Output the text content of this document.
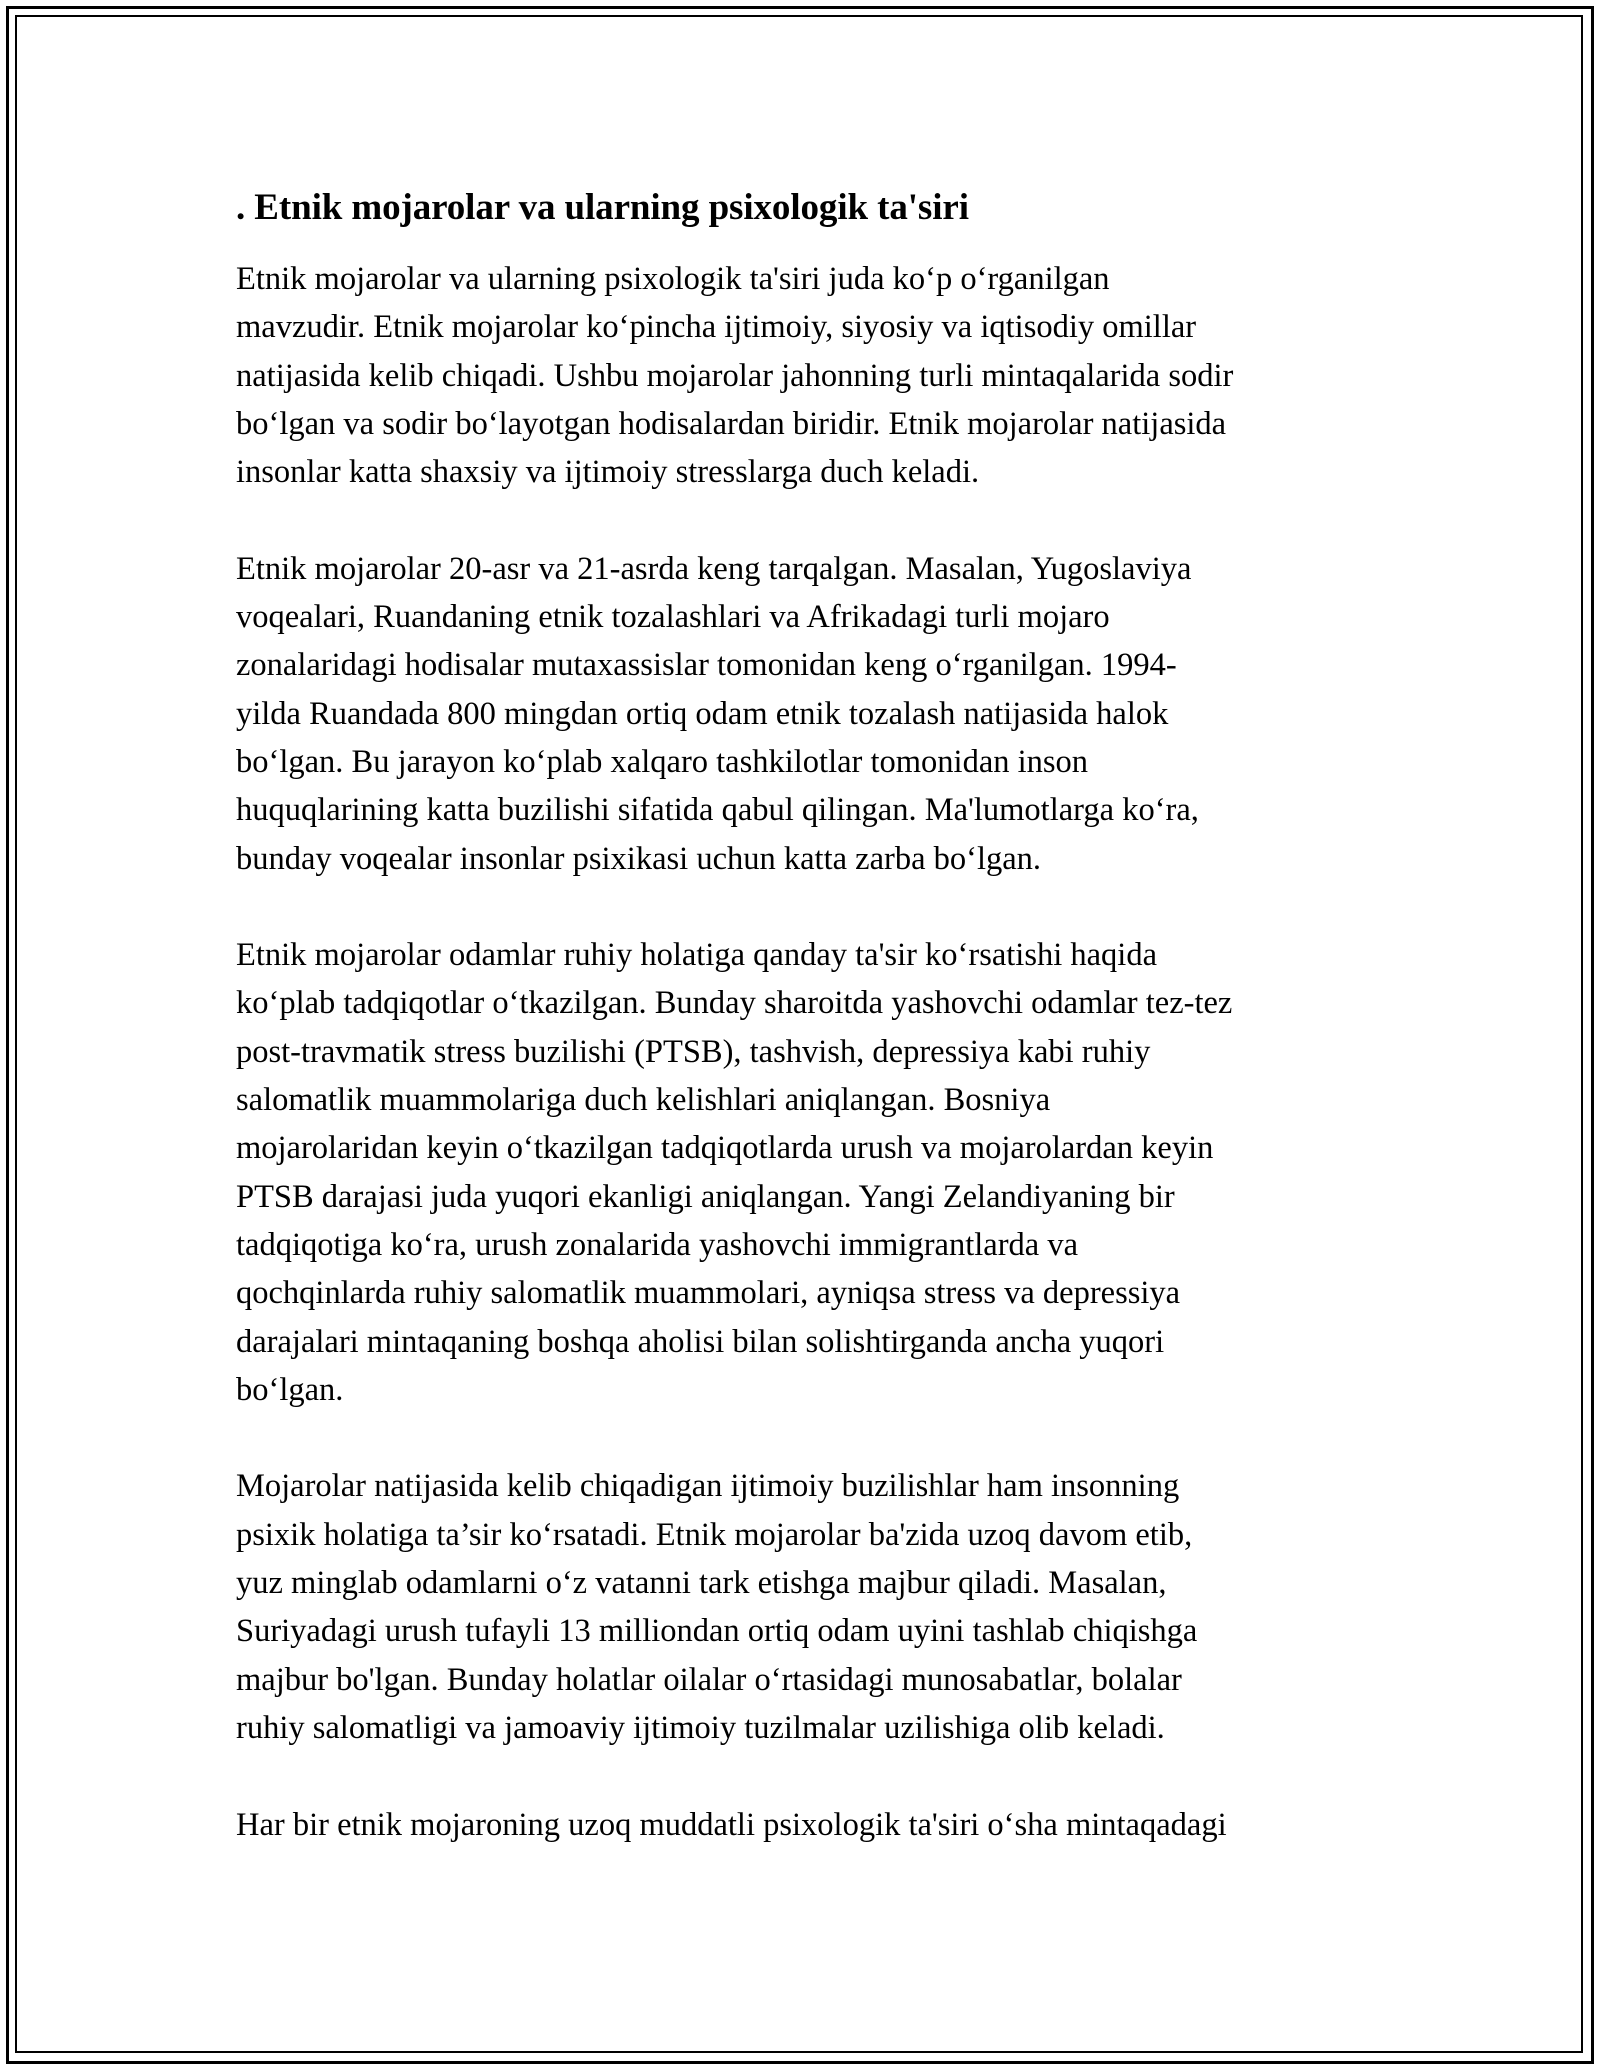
. Etnik mojarolar va ularning psixologik ta'siri
Etnik mojarolar va ularning psixologik ta'siri juda ko‘p o‘rganilgan
mavzudir. Etnik mojarolar ko‘pincha ijtimoiy, siyosiy va iqtisodiy omillar
natijasida kelib chiqadi. Ushbu mojarolar jahonning turli mintaqalarida sodir
bo‘lgan va sodir bo‘layotgan hodisalardan biridir. Etnik mojarolar natijasida
insonlar katta shaxsiy va ijtimoiy stresslarga duch keladi.
Etnik mojarolar 20-asr va 21-asrda keng tarqalgan. Masalan, Yugoslaviya
voqealari, Ruandaning etnik tozalashlari va Afrikadagi turli mojaro
zonalaridagi hodisalar mutaxassislar tomonidan keng o‘rganilgan. 1994-
yilda Ruandada 800 mingdan ortiq odam etnik tozalash natijasida halok
bo‘lgan. Bu jarayon ko‘plab xalqaro tashkilotlar tomonidan inson
huquqlarining katta buzilishi sifatida qabul qilingan. Ma'lumotlarga ko‘ra,
bunday voqealar insonlar psixikasi uchun katta zarba bo‘lgan.
Etnik mojarolar odamlar ruhiy holatiga qanday ta'sir ko‘rsatishi haqida
ko‘plab tadqiqotlar o‘tkazilgan. Bunday sharoitda yashovchi odamlar tez-tez
post-travmatik stress buzilishi (PTSB), tashvish, depressiya kabi ruhiy
salomatlik muammolariga duch kelishlari aniqlangan. Bosniya
mojarolaridan keyin o‘tkazilgan tadqiqotlarda urush va mojarolardan keyin
PTSB darajasi juda yuqori ekanligi aniqlangan. Yangi Zelandiyaning bir
tadqiqotiga ko‘ra, urush zonalarida yashovchi immigrantlarda va
qochqinlarda ruhiy salomatlik muammolari, ayniqsa stress va depressiya
darajalari mintaqaning boshqa aholisi bilan solishtirganda ancha yuqori
bo‘lgan.
Mojarolar natijasida kelib chiqadigan ijtimoiy buzilishlar ham insonning
psixik holatiga ta’sir ko‘rsatadi. Etnik mojarolar ba'zida uzoq davom etib,
yuz minglab odamlarni o‘z vatanni tark etishga majbur qiladi. Masalan,
Suriyadagi urush tufayli 13 milliondan ortiq odam uyini tashlab chiqishga
majbur bo'lgan. Bunday holatlar oilalar o‘rtasidagi munosabatlar, bolalar
ruhiy salomatligi va jamoaviy ijtimoiy tuzilmalar uzilishiga olib keladi.
Har bir etnik mojaroning uzoq muddatli psixologik ta'siri o‘sha mintaqadagi
